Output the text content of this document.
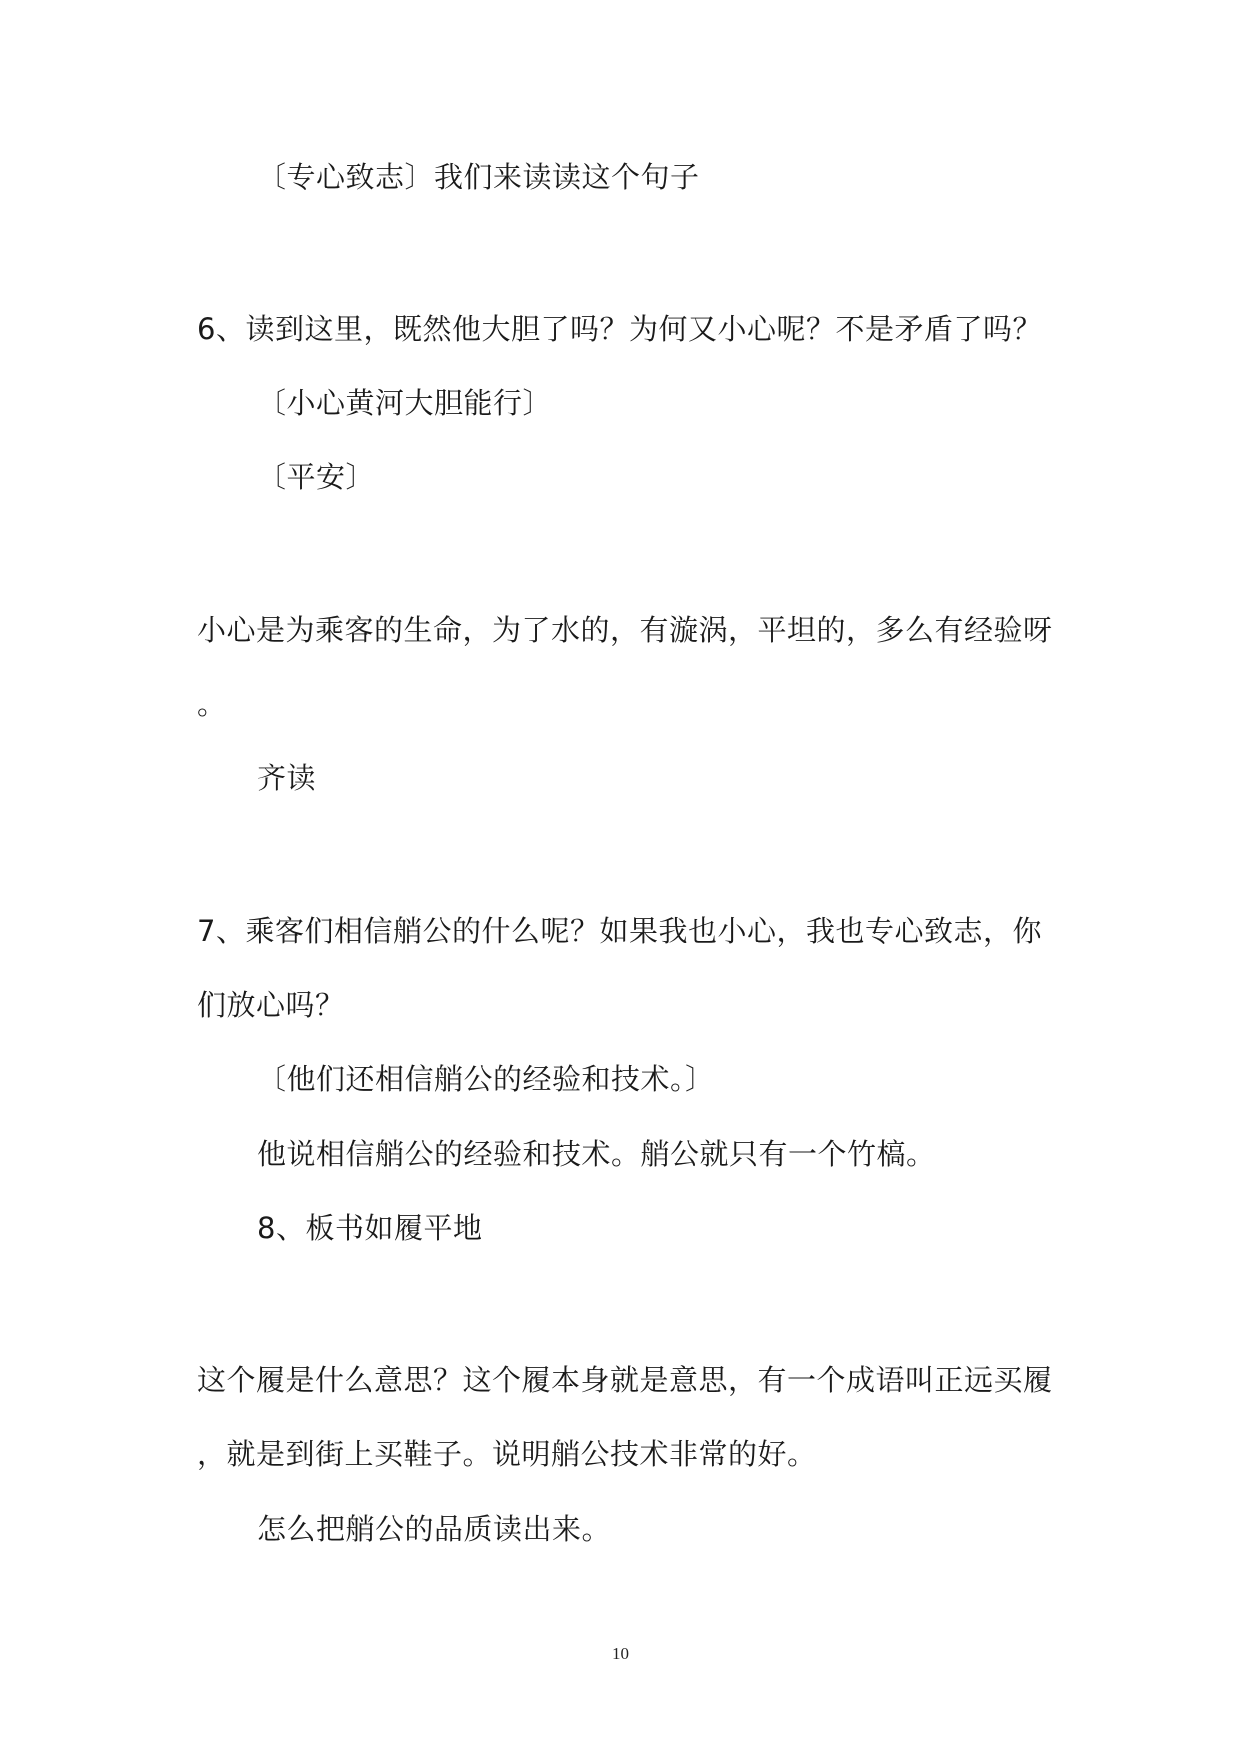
〔专心致志〕我们来读读这个句子
6、读到这里，既然他大胆了吗？为何又小心呢？不是矛盾了吗？
〔小心黄河大胆能行〕
〔平安〕
小心是为乘客的生命，为了水的，有漩涡，平坦的，多么有经验呀
。
齐读
7、乘客们相信艄公的什么呢？如果我也小心，我也专心致志，你
们放心吗？
〔他们还相信艄公的经验和技术。〕
他说相信艄公的经验和技术。艄公就只有一个竹槁。
8、板书如履平地
这个履是什么意思？这个履本身就是意思，有一个成语叫正远买履
，就是到街上买鞋子。说明艄公技术非常的好。
怎么把艄公的品质读出来。
10
